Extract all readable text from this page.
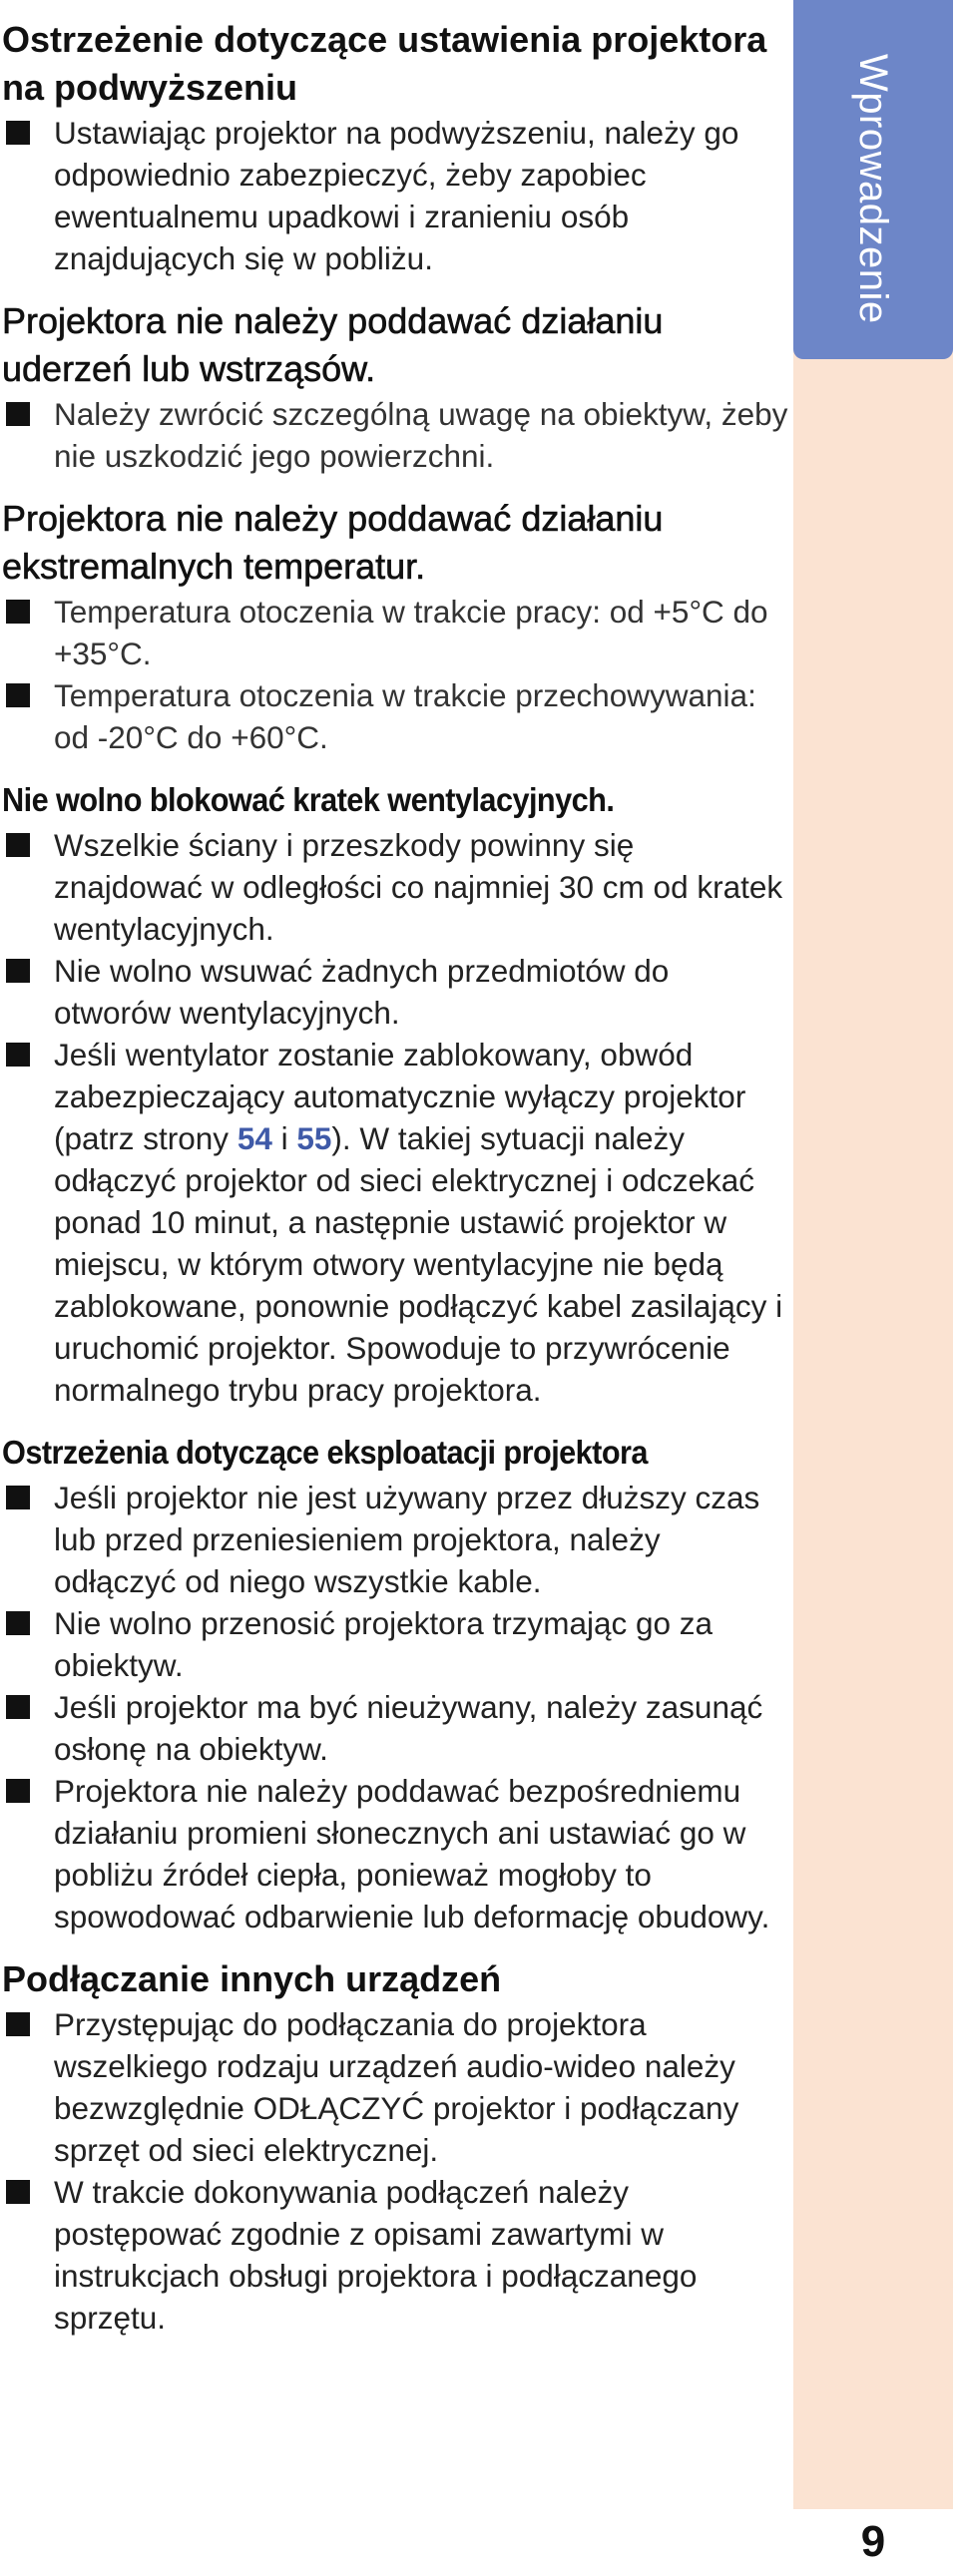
Wprowadzenie
9
Ostrzeżenie dotyczące ustawienia projektora na podwyższeniu
Ustawiając projektor na podwyższeniu, należy go odpowiednio zabezpieczyć, żeby zapobiec ewentualnemu upadkowi i zranieniu osób znajdujących się w pobliżu.
Projektora nie należy poddawać działaniu uderzeń lub wstrząsów.
Należy zwrócić szczególną uwagę na obiektyw, żeby nie uszkodzić jego powierzchni.
Projektora nie należy poddawać działaniu ekstremalnych temperatur.
Temperatura otoczenia w trakcie pracy: od +5°C do +35°C.
Temperatura otoczenia w trakcie przechowywania: od -20°C do +60°C.
Nie wolno blokować kratek wentylacyjnych.
Wszelkie ściany i przeszkody powinny się znajdować w odległości co najmniej 30 cm od kratek wentylacyjnych.
Nie wolno wsuwać żadnych przedmiotów do otworów wentylacyjnych.
Jeśli wentylator zostanie zablokowany, obwód zabezpieczający automatycznie wyłączy projektor (patrz strony 54 i 55). W takiej sytuacji należy odłączyć projektor od sieci elektrycznej i odczekać ponad 10 minut, a następnie ustawić projektor w miejscu, w którym otwory wentylacyjne nie będą zablokowane, ponownie podłączyć kabel zasilający i uruchomić projektor. Spowoduje to przywrócenie normalnego trybu pracy projektora.
Ostrzeżenia dotyczące eksploatacji projektora
Jeśli projektor nie jest używany przez dłuższy czas lub przed przeniesieniem projektora, należy odłączyć od niego wszystkie kable.
Nie wolno przenosić projektora trzymając go za obiektyw.
Jeśli projektor ma być nieużywany, należy zasunąć osłonę na obiektyw.
Projektora nie należy poddawać bezpośredniemu działaniu promieni słonecznych ani ustawiać go w pobliżu źródeł ciepła, ponieważ mogłoby to spowodować odbarwienie lub deformację obudowy.
Podłączanie innych urządzeń
Przystępując do podłączania do projektora wszelkiego rodzaju urządzeń audio-wideo należy bezwzględnie ODŁĄCZYĆ projektor i podłączany sprzęt od sieci elektrycznej.
W trakcie dokonywania podłączeń należy postępować zgodnie z opisami zawartymi w instrukcjach obsługi projektora i podłączanego sprzętu.
